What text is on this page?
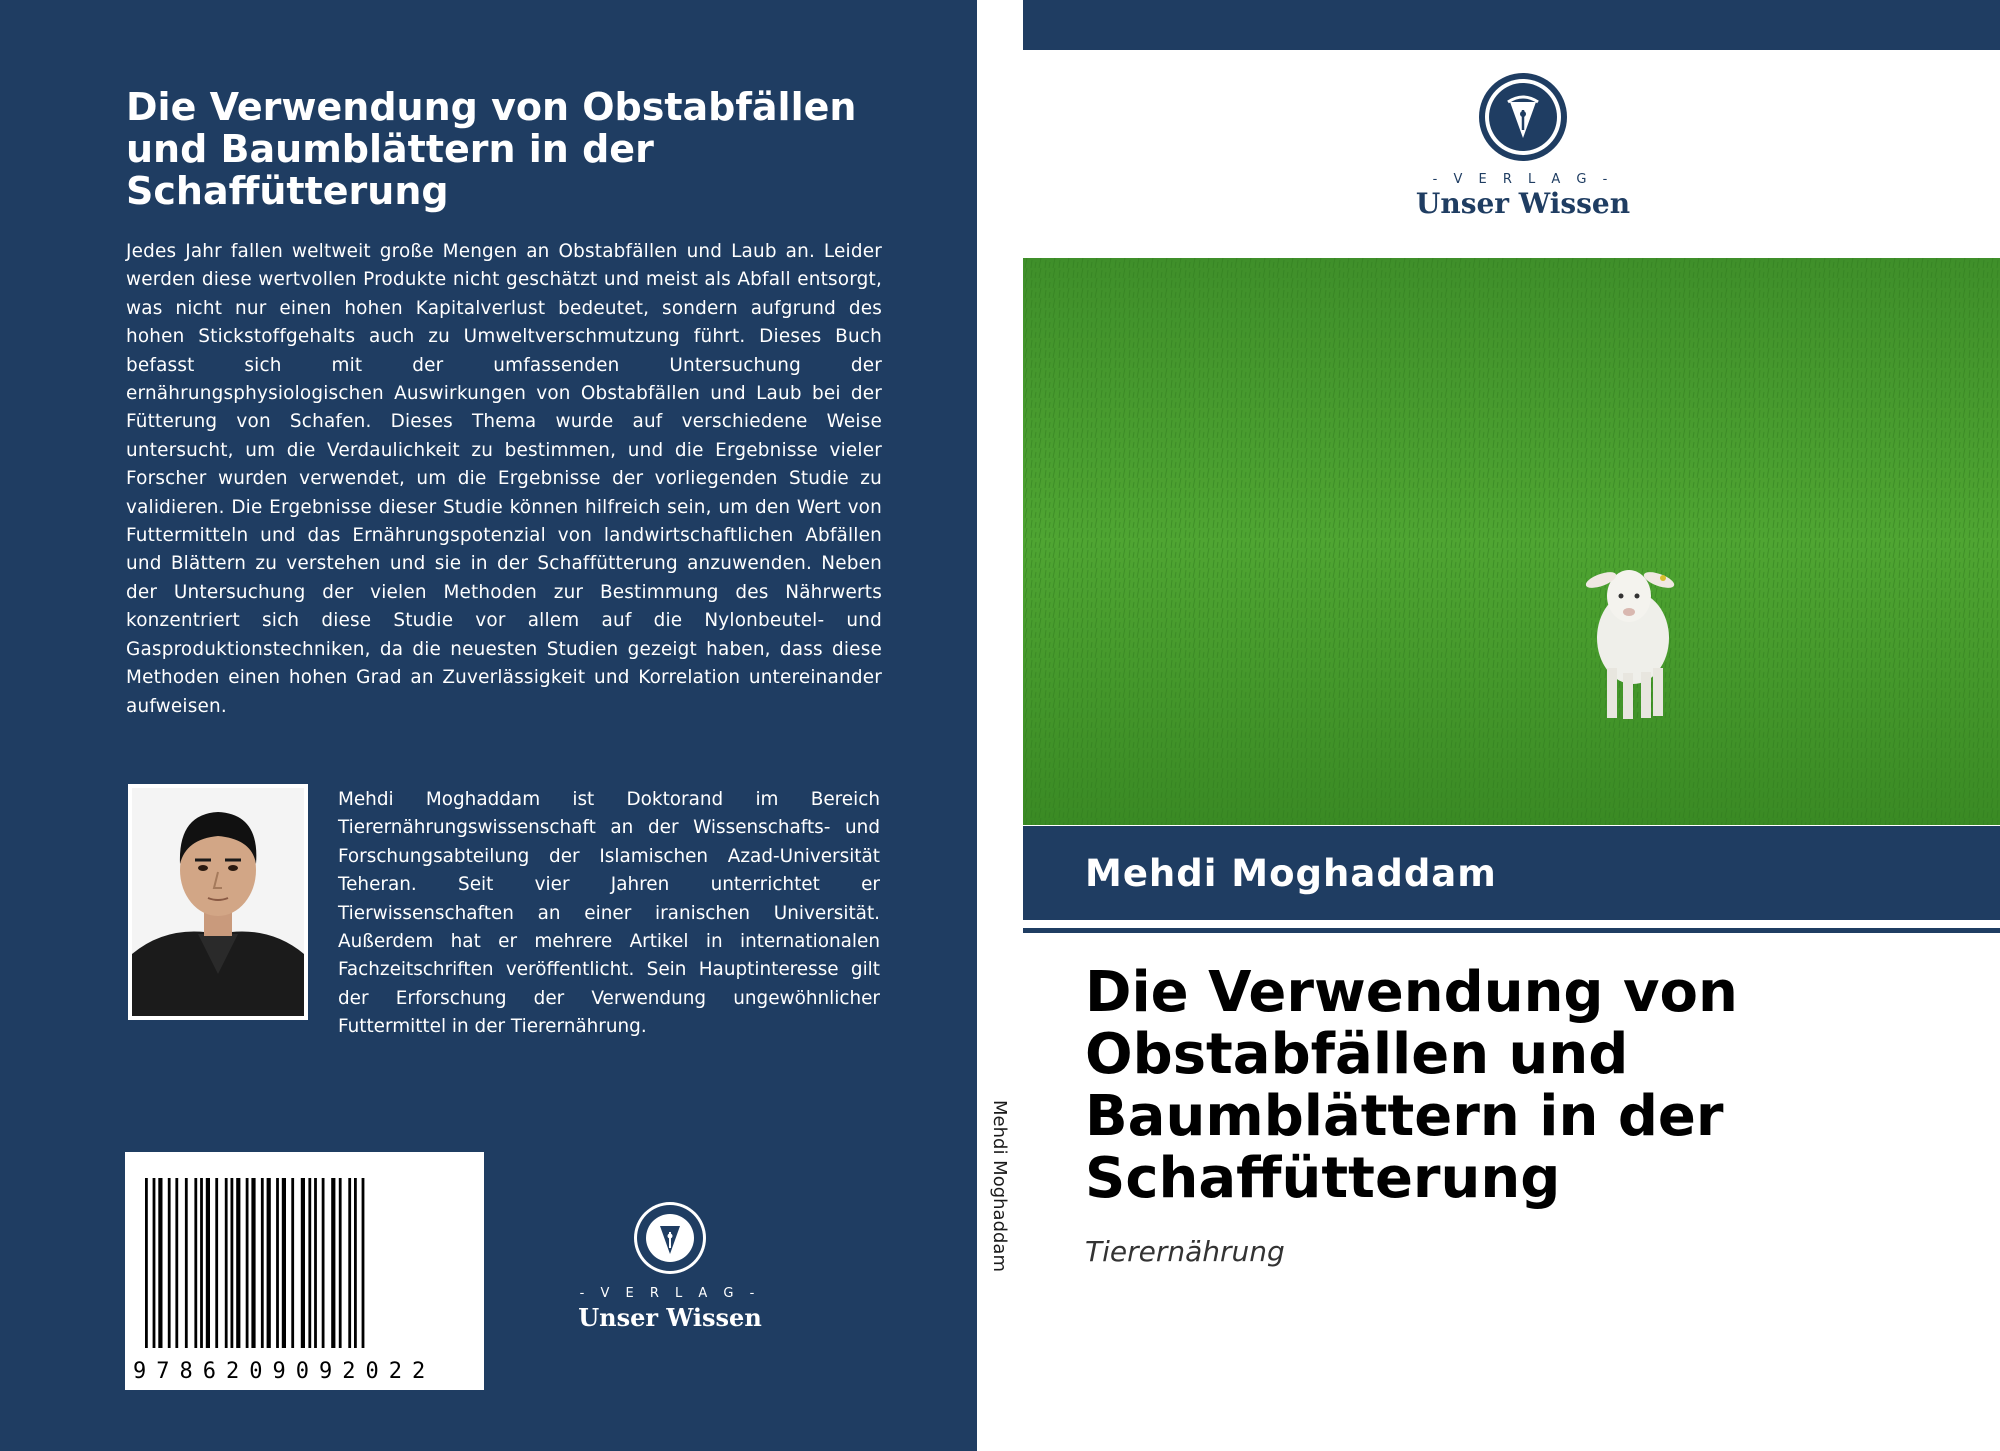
Die Verwendung von Obstabfällen und Baumblättern in der Schaffütterung

Jedes Jahr fallen weltweit große Mengen an Obstabfällen und Laub an. Leider werden diese wertvollen Produkte nicht geschätzt und meist als Abfall entsorgt, was nicht nur einen hohen Kapitalverlust bedeutet, sondern aufgrund des hohen Stickstoffgehalts auch zu Umweltverschmutzung führt. Dieses Buch befasst sich mit der umfassenden Untersuchung der ernährungsphysiologischen Auswirkungen von Obstabfällen und Laub bei der Fütterung von Schafen. Dieses Thema wurde auf verschiedene Weise untersucht, um die Verdaulichkeit zu bestimmen, und die Ergebnisse vieler Forscher wurden verwendet, um die Ergebnisse der vorliegenden Studie zu validieren. Die Ergebnisse dieser Studie können hilfreich sein, um den Wert von Futtermitteln und das Ernährungspotenzial von landwirtschaftlichen Abfällen und Blättern zu verstehen und sie in der Schaffütterung anzuwenden. Neben der Untersuchung der vielen Methoden zur Bestimmung des Nährwerts konzentriert sich diese Studie vor allem auf die Nylonbeutel- und Gasproduktionstechniken, da die neuesten Studien gezeigt haben, dass diese Methoden einen hohen Grad an Zuverlässigkeit und Korrelation untereinander aufweisen.

Mehdi Moghaddam ist Doktorand im Bereich Tierernährungswissenschaft an der Wissenschafts- und Forschungsabteilung der Islamischen Azad-Universität Teheran. Seit vier Jahren unterrichtet er Tierwissenschaften an einer iranischen Universität. Außerdem hat er mehrere Artikel in internationalen Fachzeitschriften veröffentlicht. Sein Hauptinteresse gilt der Erforschung der Verwendung ungewöhnlicher Futtermittel in der Tierernährung.

9786209092022
- V E R L A G -
Unser Wissen
Mehdi Moghaddam
- V E R L A G -
Unser Wissen
Mehdi Moghaddam
Die Verwendung von Obstabfällen und Baumblättern in der Schaffütterung
Tierernährung
